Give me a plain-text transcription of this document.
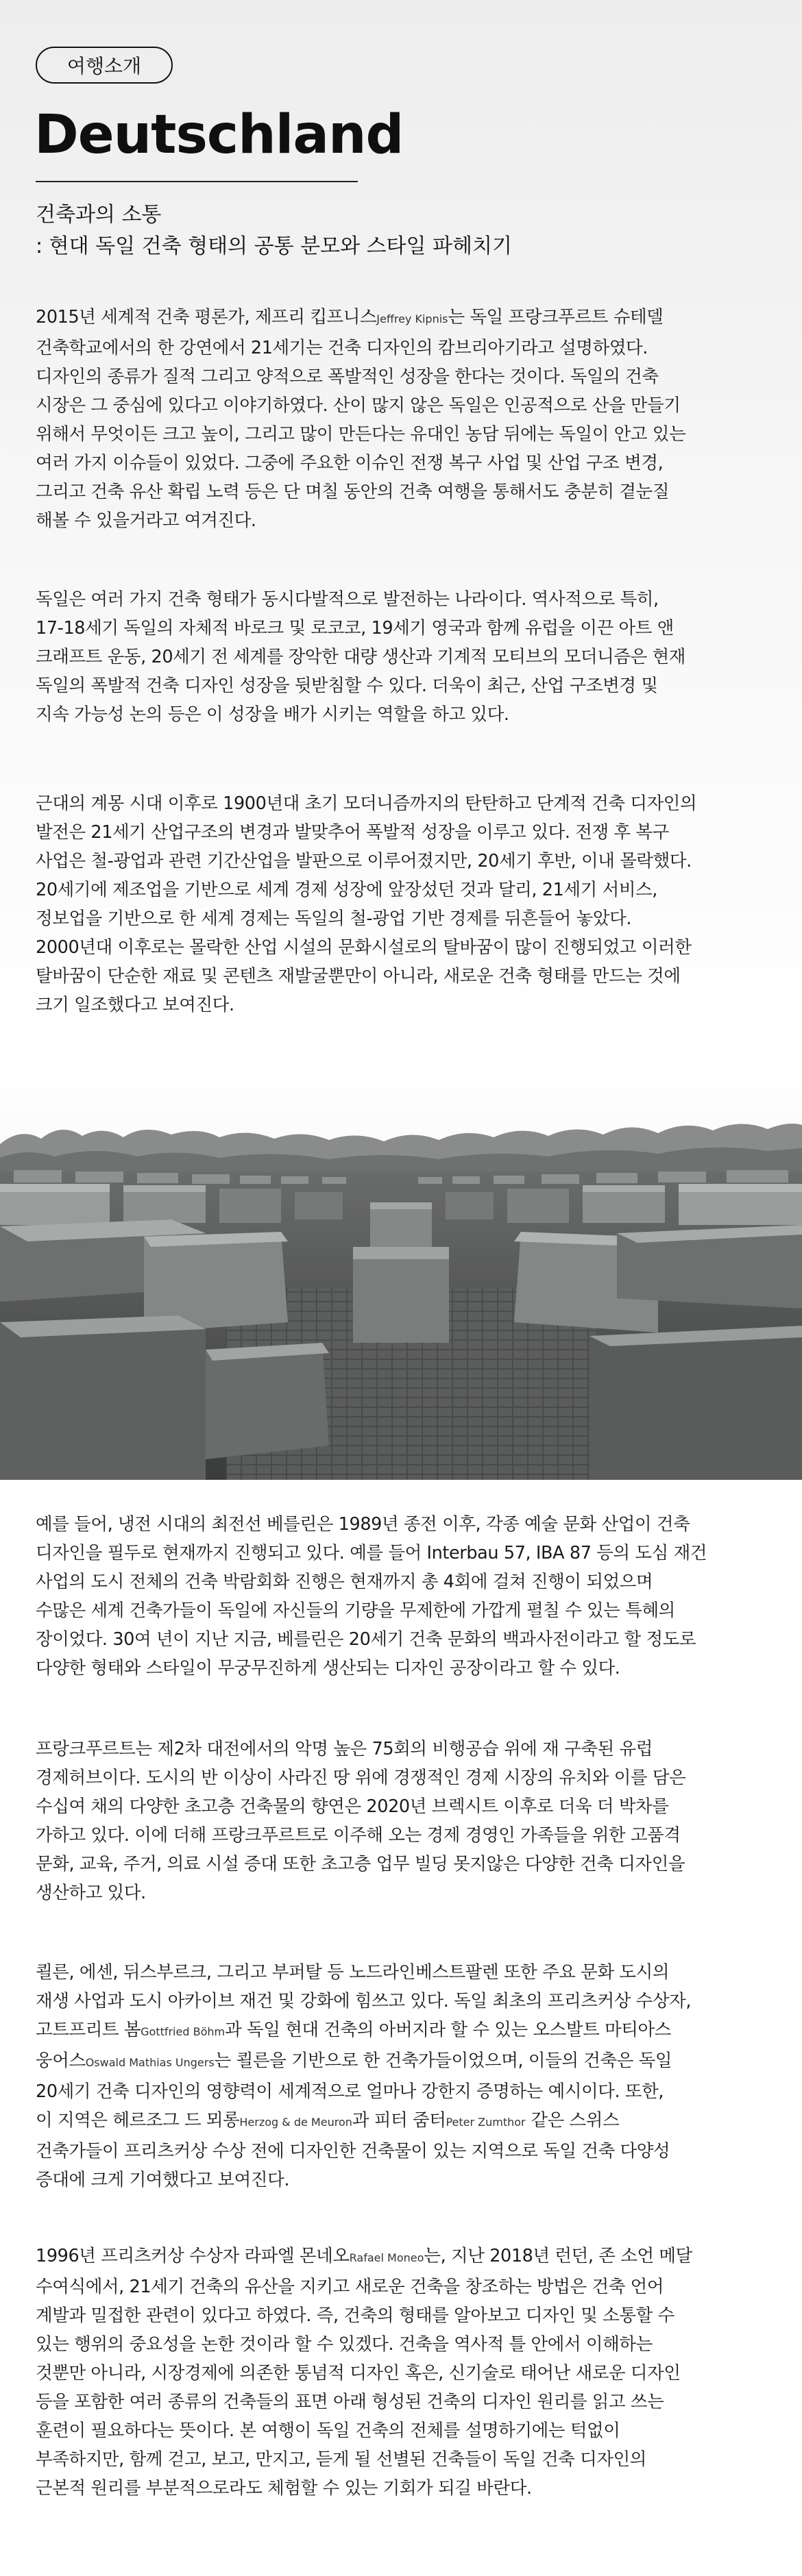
여행소개
Deutschland
건축과의 소통
: 현대 독일 건축 형태의 공통 분모와 스타일 파헤치기

2015년 세계적 건축 평론가, 제프리 킵프니스Jeffrey Kipnis는 독일 프랑크푸르트 슈테델
건축학교에서의 한 강연에서 21세기는 건축 디자인의 캄브리아기라고 설명하였다.
디자인의 종류가 질적 그리고 양적으로 폭발적인 성장을 한다는 것이다. 독일의 건축
시장은 그 중심에 있다고 이야기하였다. 산이 많지 않은 독일은 인공적으로 산을 만들기
위해서 무엇이든 크고 높이, 그리고 많이 만든다는 유대인 농담 뒤에는 독일이 안고 있는
여러 가지 이슈들이 있었다. 그중에 주요한 이슈인 전쟁 복구 사업 및 산업 구조 변경,
그리고 건축 유산 확립 노력 등은 단 며칠 동안의 건축 여행을 통해서도 충분히 곁눈질
해볼 수 있을거라고 여겨진다.

독일은 여러 가지 건축 형태가 동시다발적으로 발전하는 나라이다. 역사적으로 특히,
17-18세기 독일의 자체적 바로크 및 로코코, 19세기 영국과 함께 유럽을 이끈 아트 앤
크래프트 운동, 20세기 전 세계를 장악한 대량 생산과 기계적 모티브의 모더니즘은 현재
독일의 폭발적 건축 디자인 성장을 뒷받침할 수 있다. 더욱이 최근, 산업 구조변경 및
지속 가능성 논의 등은 이 성장을 배가 시키는 역할을 하고 있다.

근대의 계몽 시대 이후로 1900년대 초기 모더니즘까지의 탄탄하고 단계적 건축 디자인의
발전은 21세기 산업구조의 변경과 발맞추어 폭발적 성장을 이루고 있다. 전쟁 후 복구
사업은 철-광업과 관련 기간산업을 발판으로 이루어졌지만, 20세기 후반, 이내 몰락했다.
20세기에 제조업을 기반으로 세계 경제 성장에 앞장섰던 것과 달리, 21세기 서비스,
정보업을 기반으로 한 세계 경제는 독일의 철-광업 기반 경제를 뒤흔들어 놓았다.
2000년대 이후로는 몰락한 산업 시설의 문화시설로의 탈바꿈이 많이 진행되었고 이러한
탈바꿈이 단순한 재료 및 콘텐츠 재발굴뿐만이 아니라, 새로운 건축 형태를 만드는 것에
크기 일조했다고 보여진다.

예를 들어, 냉전 시대의 최전선 베를린은 1989년 종전 이후, 각종 예술 문화 산업이 건축
디자인을 필두로 현재까지 진행되고 있다. 예를 들어 Interbau 57, IBA 87 등의 도심 재건
사업의 도시 전체의 건축 박람회화 진행은 현재까지 총 4회에 걸쳐 진행이 되었으며
수많은 세계 건축가들이 독일에 자신들의 기량을 무제한에 가깝게 펼칠 수 있는 특혜의
장이었다. 30여 년이 지난 지금, 베를린은 20세기 건축 문화의 백과사전이라고 할 정도로
다양한 형태와 스타일이 무궁무진하게 생산되는 디자인 공장이라고 할 수 있다.

프랑크푸르트는 제2차 대전에서의 악명 높은 75회의 비행공습 위에 재 구축된 유럽
경제허브이다. 도시의 반 이상이 사라진 땅 위에 경쟁적인 경제 시장의 유치와 이를 담은
수십여 채의 다양한 초고층 건축물의 향연은 2020년 브렉시트 이후로 더욱 더 박차를
가하고 있다. 이에 더해 프랑크푸르트로 이주해 오는 경제 경영인 가족들을 위한 고품격
문화, 교육, 주거, 의료 시설 증대 또한 초고층 업무 빌딩 못지않은 다양한 건축 디자인을
생산하고 있다.

쾰른, 에센, 뒤스부르크, 그리고 부퍼탈 등 노드라인베스트팔렌 또한 주요 문화 도시의
재생 사업과 도시 아카이브 재건 및 강화에 힘쓰고 있다. 독일 최초의 프리츠커상 수상자,
고트프리트 봄Gottfried Böhm과 독일 현대 건축의 아버지라 할 수 있는 오스발트 마티아스
웅어스Oswald Mathias Ungers는 쾰른을 기반으로 한 건축가들이었으며, 이들의 건축은 독일
20세기 건축 디자인의 영향력이 세계적으로 얼마나 강한지 증명하는 예시이다. 또한,
이 지역은 헤르조그 드 뫼롱Herzog & de Meuron과 피터 줌터Peter Zumthor 같은 스위스
건축가들이 프리츠커상 수상 전에 디자인한 건축물이 있는 지역으로 독일 건축 다양성
증대에 크게 기여했다고 보여진다.

1996년 프리츠커상 수상자 라파엘 몬네오Rafael Moneo는, 지난 2018년 런던, 존 소언 메달
수여식에서, 21세기 건축의 유산을 지키고 새로운 건축을 창조하는 방법은 건축 언어
계발과 밀접한 관련이 있다고 하였다. 즉, 건축의 형태를 알아보고 디자인 및 소통할 수
있는 행위의 중요성을 논한 것이라 할 수 있겠다. 건축을 역사적 틀 안에서 이해하는
것뿐만 아니라, 시장경제에 의존한 통념적 디자인 혹은, 신기술로 태어난 새로운 디자인
등을 포함한 여러 종류의 건축들의 표면 아래 형성된 건축의 디자인 원리를 읽고 쓰는
훈련이 필요하다는 뜻이다. 본 여행이 독일 건축의 전체를 설명하기에는 턱없이
부족하지만, 함께 걷고, 보고, 만지고, 듣게 될 선별된 건축들이 독일 건축 디자인의
근본적 원리를 부분적으로라도 체험할 수 있는 기회가 되길 바란다.
